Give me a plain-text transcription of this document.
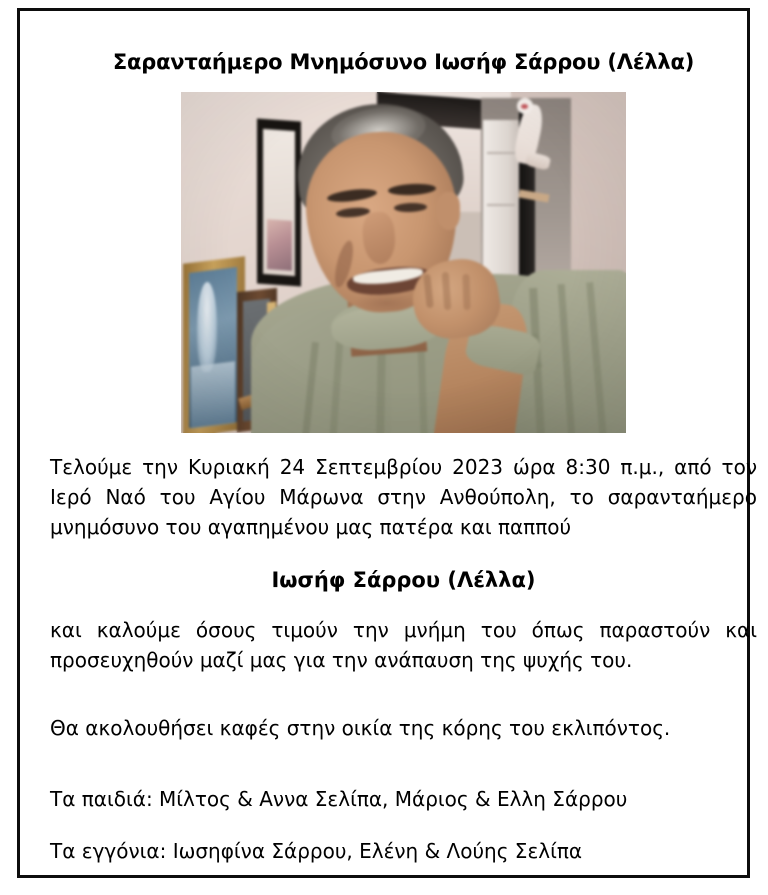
Σαρανταήμερο Μνημόσυνο Ιωσήφ Σάρρου (Λέλλα)

Τελούμε την Κυριακή 24 Σεπτεμβρίου 2023 ώρα 8:30 π.μ., από τον Ιερό Ναό του Αγίου Μάρωνα στην Ανθούπολη, το σαρανταήμερο μνημόσυνο του αγαπημένου μας πατέρα και παππού

Ιωσήφ Σάρρου (Λέλλα)

και καλούμε όσους τιμούν την μνήμη του όπως παραστούν και προσευχηθούν μαζί μας για την ανάπαυση της ψυχής του.

Θα ακολουθήσει καφές στην οικία της κόρης του εκλιπόντος.

Τα παιδιά: Μίλτος & Αννα Σελίπα, Μάριος & Ελλη Σάρρου

Τα εγγόνια: Ιωσηφίνα Σάρρου, Ελένη & Λούης Σελίπα
